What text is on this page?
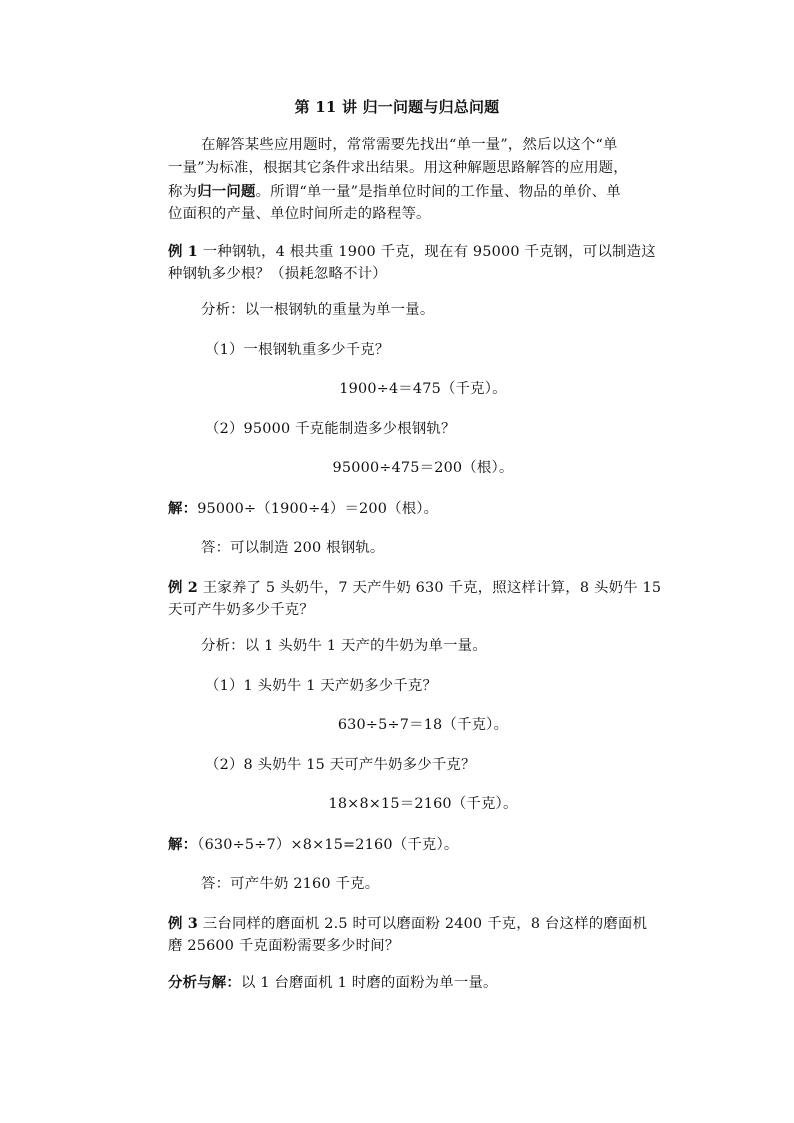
第 11 讲 归一问题与归总问题
在解答某些应用题时，常常需要先找出“单一量”，然后以这个“单
一量”为标准，根据其它条件求出结果。用这种解题思路解答的应用题，
称为归一问题。所谓“单一量”是指单位时间的工作量、物品的单价、单
位面积的产量、单位时间所走的路程等。
例 1 一种钢轨，4 根共重 1900 千克，现在有 95000 千克钢，可以制造这
种钢轨多少根？（损耗忽略不计）
分析：以一根钢轨的重量为单一量。
（1）一根钢轨重多少千克？
1900÷4＝475（千克）。
（2）95000 千克能制造多少根钢轨？
95000÷475＝200（根）。
解：95000÷（1900÷4）＝200（根）。
答：可以制造 200 根钢轨。
例 2 王家养了 5 头奶牛，7 天产牛奶 630 千克，照这样计算，8 头奶牛 15
天可产牛奶多少千克？
分析：以 1 头奶牛 1 天产的牛奶为单一量。
（1）1 头奶牛 1 天产奶多少千克？
630÷5÷7＝18（千克）。
（2）8 头奶牛 15 天可产牛奶多少千克？
18×8×15＝2160（千克）。
解：（630÷5÷7）×8×15=2160（千克）。
答：可产牛奶 2160 千克。
例 3 三台同样的磨面机 2.5 时可以磨面粉 2400 千克，8 台这样的磨面机
磨 25600 千克面粉需要多少时间？
分析与解：以 1 台磨面机 1 时磨的面粉为单一量。
